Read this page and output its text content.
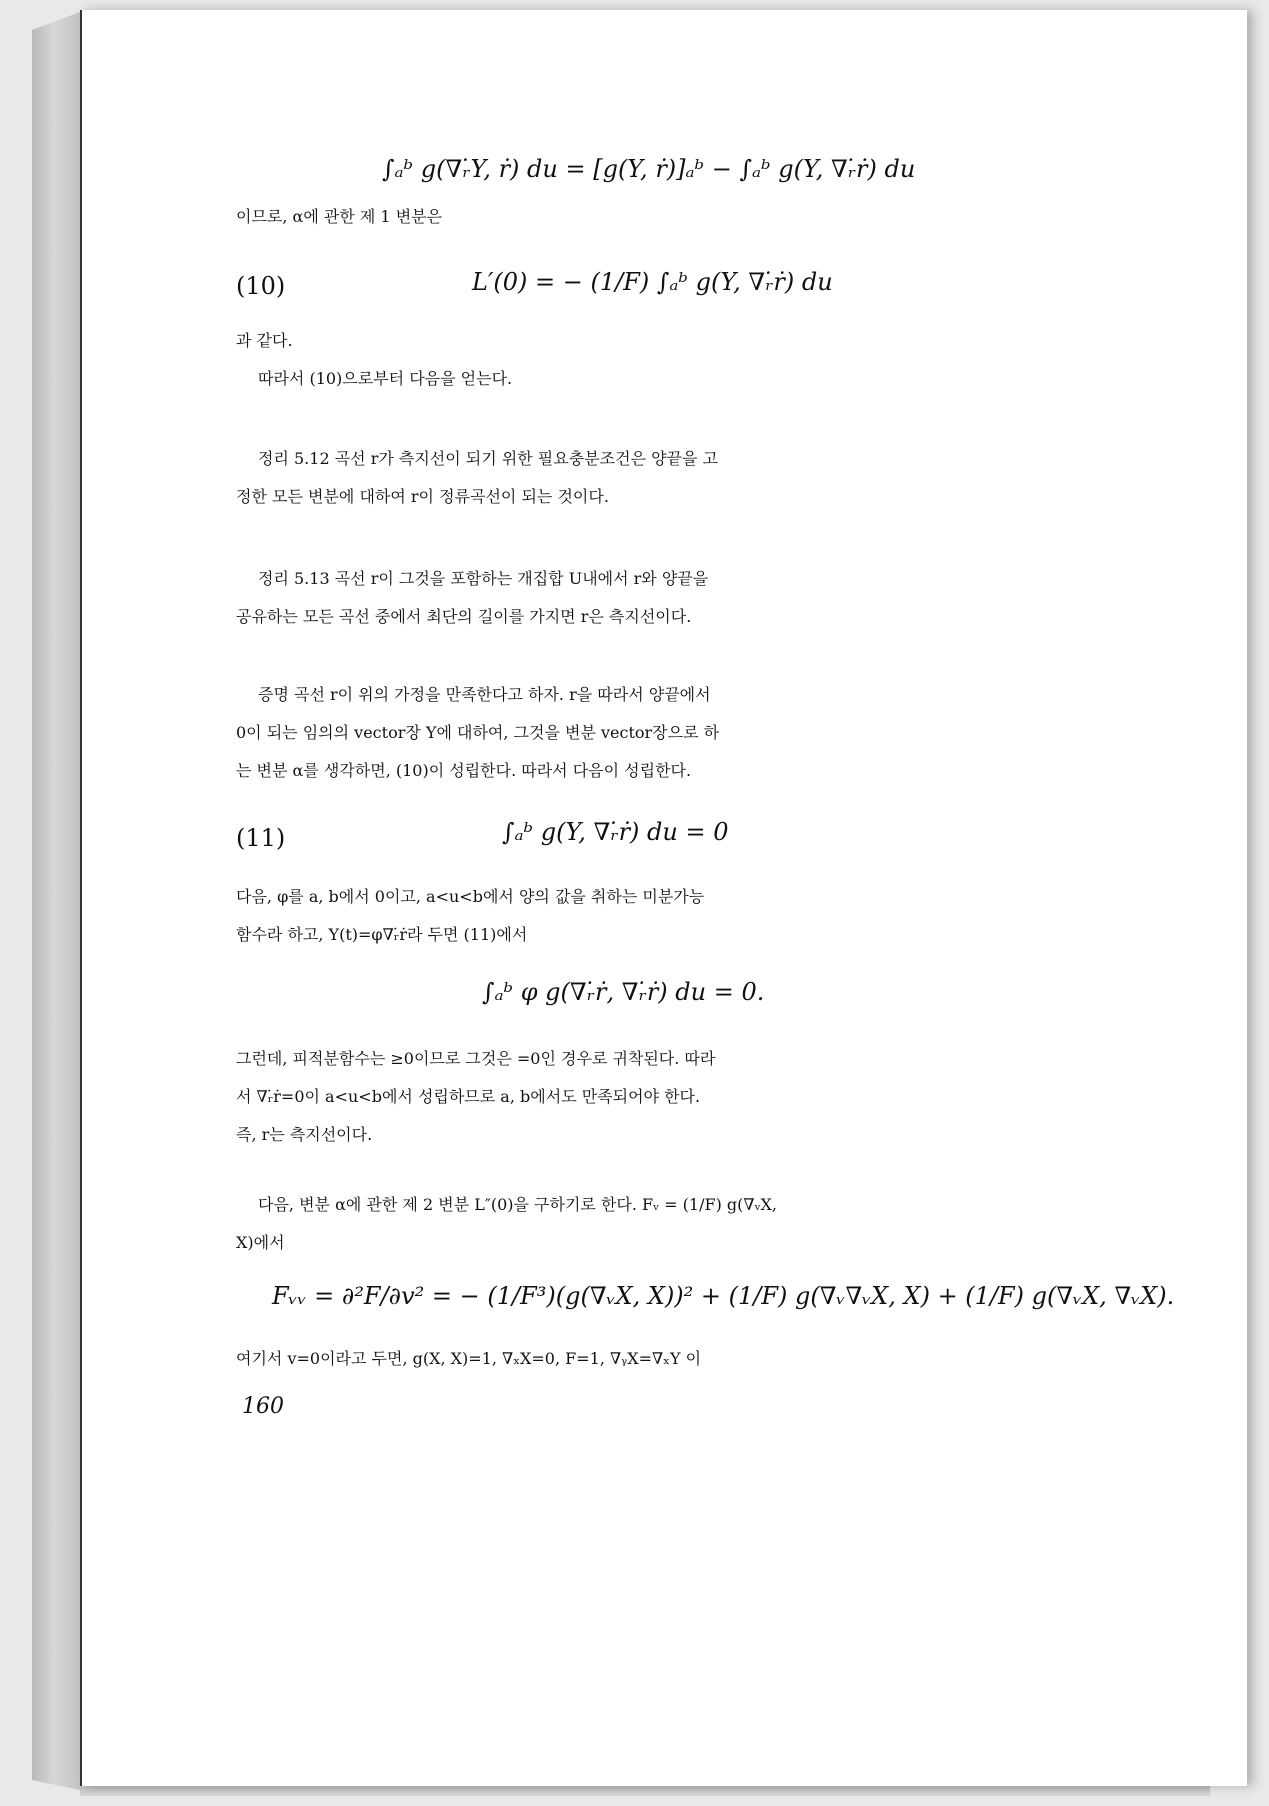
∫ₐᵇ g(∇ᵣ̇Y, ṙ) du = [g(Y, ṙ)]ₐᵇ − ∫ₐᵇ g(Y, ∇ᵣ̇ṙ) du
이므로, α에 관한 제 1 변분은
(10)	L′(0) = − (1/F) ∫ₐᵇ g(Y, ∇ᵣ̇ṙ) du
과 같다.
따라서 (10)으로부터 다음을 얻는다.
정리 5.12 곡선 r가 측지선이 되기 위한 필요충분조건은 양끝을 고
정한 모든 변분에 대하여 r이 정류곡선이 되는 것이다.
정리 5.13 곡선 r이 그것을 포함하는 개집합 U내에서 r와 양끝을
공유하는 모든 곡선 중에서 최단의 길이를 가지면 r은 측지선이다.
증명 곡선 r이 위의 가정을 만족한다고 하자. r을 따라서 양끝에서
0이 되는 임의의 vector장 Y에 대하여, 그것을 변분 vector장으로 하
는 변분 α를 생각하면, (10)이 성립한다. 따라서 다음이 성립한다.
(11)	∫ₐᵇ g(Y, ∇ᵣ̇ṙ) du = 0
다음, φ를 a, b에서 0이고, a<u<b에서 양의 값을 취하는 미분가능
함수라 하고, Y(t)=φ∇ᵣ̇ṙ라 두면 (11)에서
∫ₐᵇ φ g(∇ᵣ̇ṙ, ∇ᵣ̇ṙ) du = 0.
그런데, 피적분함수는 ≥0이므로 그것은 =0인 경우로 귀착된다. 따라
서 ∇ᵣ̇ṙ=0이 a<u<b에서 성립하므로 a, b에서도 만족되어야 한다.
즉, r는 측지선이다.
다음, 변분 α에 관한 제 2 변분 L″(0)을 구하기로 한다. Fᵥ = (1/F) g(∇ᵥX,
X)에서
Fᵥᵥ = ∂²F/∂v² = − (1/F³)(g(∇ᵥX, X))² + (1/F) g(∇ᵥ∇ᵥX, X) + (1/F) g(∇ᵥX, ∇ᵥX).
여기서 v=0이라고 두면, g(X, X)=1, ∇ₓX=0, F=1, ∇ᵧX=∇ₓY 이
160
